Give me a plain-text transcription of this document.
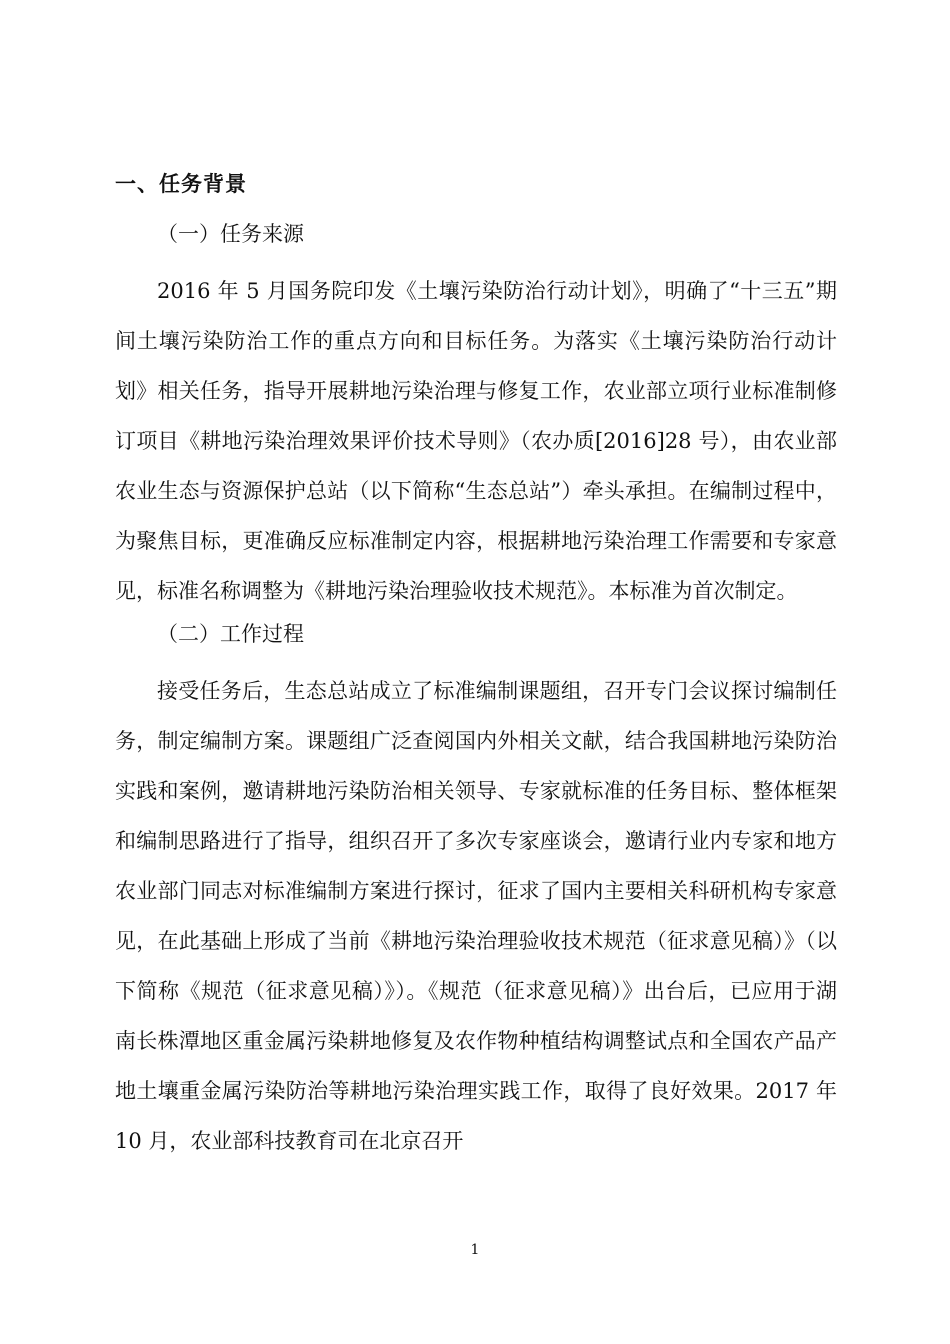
一、任务背景
（一）任务来源

2016 年 5 月国务院印发《土壤污染防治行动计划》，明确了“十三五”期间土壤污染防治工作的重点方向和目标任务。为落实《土壤污染防治行动计划》相关任务，指导开展耕地污染治理与修复工作，农业部立项行业标准制修订项目《耕地污染治理效果评价技术导则》（农办质[2016]28 号），由农业部农业生态与资源保护总站（以下简称“生态总站”）牵头承担。在编制过程中，为聚焦目标，更准确反应标准制定内容，根据耕地污染治理工作需要和专家意见，标准名称调整为《耕地污染治理验收技术规范》。本标准为首次制定。

（二）工作过程

接受任务后，生态总站成立了标准编制课题组，召开专门会议探讨编制任务，制定编制方案。课题组广泛查阅国内外相关文献，结合我国耕地污染防治实践和案例，邀请耕地污染防治相关领导、专家就标准的任务目标、整体框架和编制思路进行了指导，组织召开了多次专家座谈会，邀请行业内专家和地方农业部门同志对标准编制方案进行探讨，征求了国内主要相关科研机构专家意见，在此基础上形成了当前《耕地污染治理验收技术规范（征求意见稿）》（以下简称《规范（征求意见稿）》）。《规范（征求意见稿）》出台后，已应用于湖南长株潭地区重金属污染耕地修复及农作物种植结构调整试点和全国农产品产地土壤重金属污染防治等耕地污染治理实践工作，取得了良好效果。2017 年 10 月，农业部科技教育司在北京召开

1
